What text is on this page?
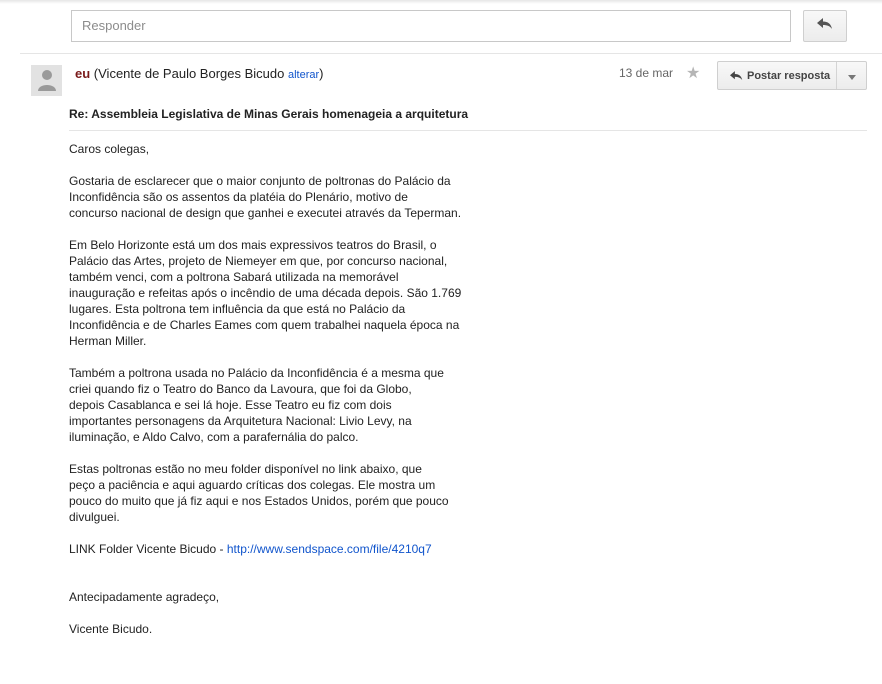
Responder
eu (Vicente de Paulo Borges Bicudo alterar)	13 de mar ★	Postar resposta
Re: Assembleia Legislativa de Minas Gerais homenageia a arquitetura

Caros colegas,

Gostaria de esclarecer que o maior conjunto de poltronas do Palácio da
Inconfidência são os assentos da platéia do Plenário, motivo de
concurso nacional de design que ganhei e executei através da Teperman.

Em Belo Horizonte está um dos mais expressivos teatros do Brasil, o
Palácio das Artes, projeto de Niemeyer em que, por concurso nacional,
também venci, com a poltrona Sabará utilizada na memorável
inauguração e refeitas após o incêndio de uma década depois. São 1.769
lugares. Esta poltrona tem influência da que está no Palácio da
Inconfidência e de Charles Eames com quem trabalhei naquela época na
Herman Miller.

Também a poltrona usada no Palácio da Inconfidência é a mesma que
criei quando fiz o Teatro do Banco da Lavoura, que foi da Globo,
depois Casablanca e sei lá hoje. Esse Teatro eu fiz com dois
importantes personagens da Arquitetura Nacional: Livio Levy, na
iluminação, e Aldo Calvo, com a parafernália do palco.

Estas poltronas estão no meu folder disponível no link abaixo, que
peço a paciência e aqui aguardo críticas dos colegas. Ele mostra um
pouco do muito que já fiz aqui e nos Estados Unidos, porém que pouco
divulguei.

LINK Folder Vicente Bicudo - http://www.sendspace.com/file/4210q7

Antecipadamente agradeço,

Vicente Bicudo.
